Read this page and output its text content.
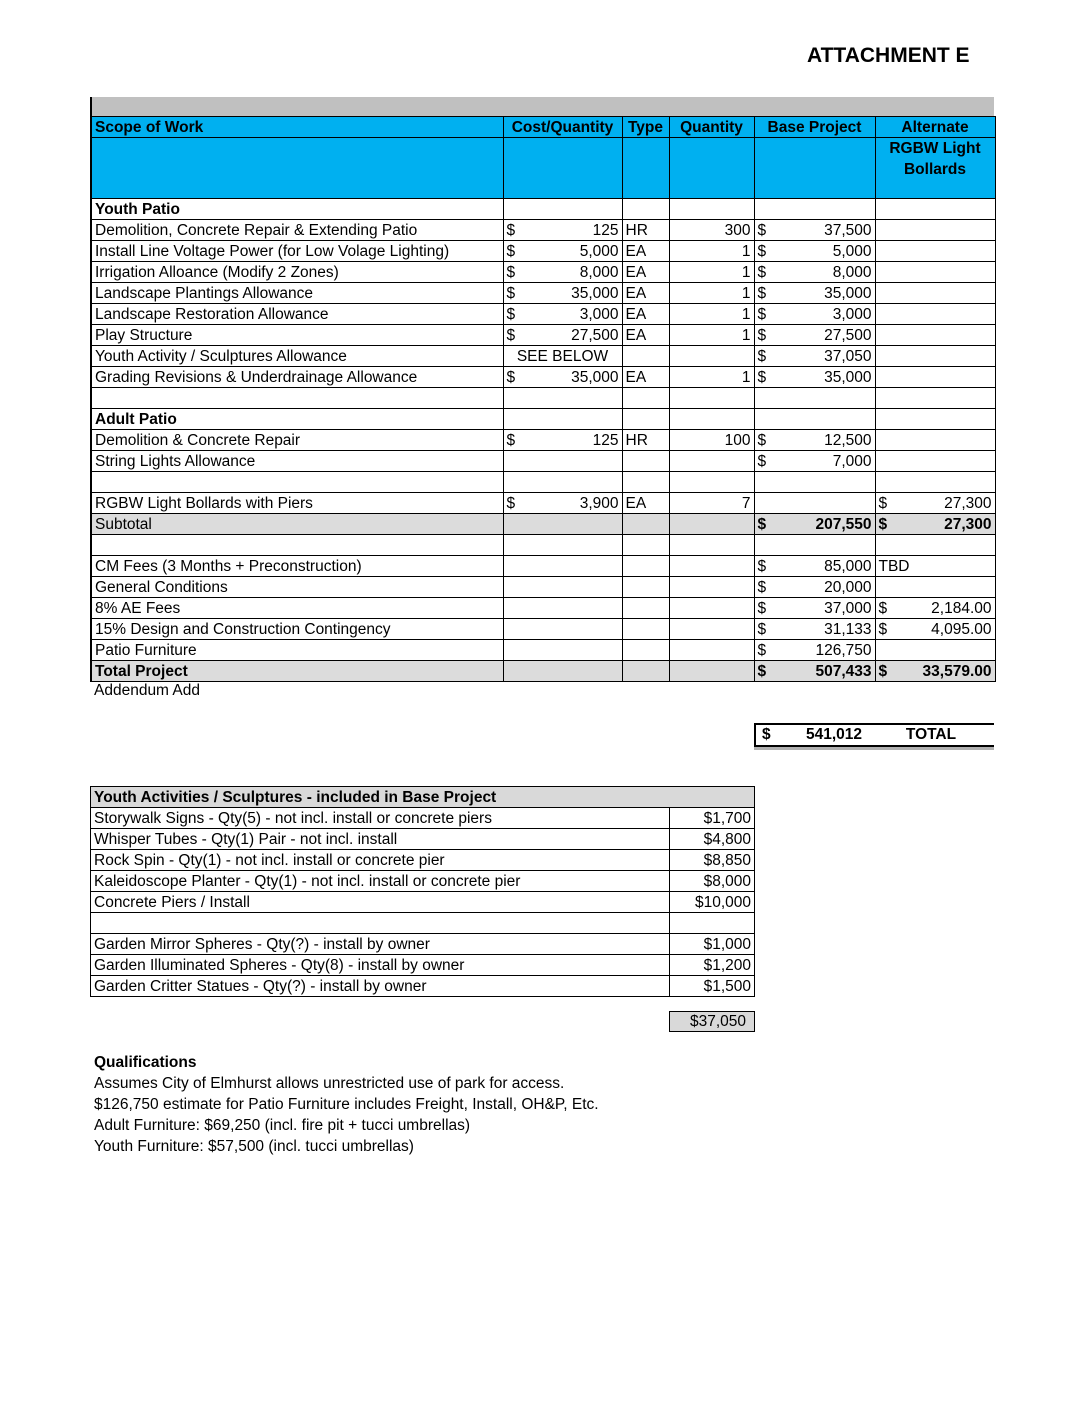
ATTACHMENT E
Scope of Work	Cost/Quantity	Type	Quantity	Base Project	Alternate
					RGBW Light Bollards
Youth Patio					
Demolition, Concrete Repair & Extending Patio	$ 125	HR	300	$ 37,500	

Install Line Voltage Power (for Low Volage Lighting)	$ 5,000	EA	1	$ 5,000	

Irrigation Alloance (Modify 2 Zones)	$ 8,000	EA	1	$ 8,000	

Landscape Plantings Allowance	$ 35,000	EA	1	$ 35,000	

Landscape Restoration Allowance	$ 3,000	EA	1	$ 3,000	

Play Structure	$ 27,500	EA	1	$ 27,500	

Youth Activity / Sculptures Allowance	SEE BELOW			$ 37,050	

Grading Revisions & Underdrainage Allowance	$ 35,000	EA	1	$ 35,000	

Adult Patio					
Demolition & Concrete Repair	$ 125	HR	100	$ 12,500	

String Lights Allowance				$ 7,000	

RGBW Light Bollards with Piers	$ 3,900	EA	7		$ 27,300

Subtotal				$ 207,550	$ 27,300

CM Fees (3 Months + Preconstruction)				$ 85,000	TBD
General Conditions				$ 20,000	

8% AE Fees				$ 37,000	$ 2,184.00

15% Design and Construction Contingency				$ 31,133	$ 4,095.00

Patio Furniture				$ 126,750	

Total Project				$ 507,433	$ 33,579.00
Addendum Add
$ 541,012	TOTAL
Youth Activities / Sculptures - included in Base Project	
Storywalk Signs - Qty(5) - not incl. install or concrete piers	$1,700
Whisper Tubes - Qty(1) Pair - not incl. install	$4,800
Rock Spin - Qty(1) - not incl. install or concrete pier	$8,850
Kaleidoscope Planter - Qty(1) - not incl. install or concrete pier	$8,000
Concrete Piers / Install	$10,000

Garden Mirror Spheres - Qty(?) - install by owner	$1,000
Garden Illuminated Spheres - Qty(8) - install by owner	$1,200
Garden Critter Statues - Qty(?) - install by owner	$1,500
$37,050
Qualifications
Assumes City of Elmhurst allows unrestricted use of park for access.
$126,750 estimate for Patio Furniture includes Freight, Install, OH&P, Etc.
Adult Furniture: $69,250 (incl. fire pit + tucci umbrellas)
Youth Furniture: $57,500 (incl. tucci umbrellas)
